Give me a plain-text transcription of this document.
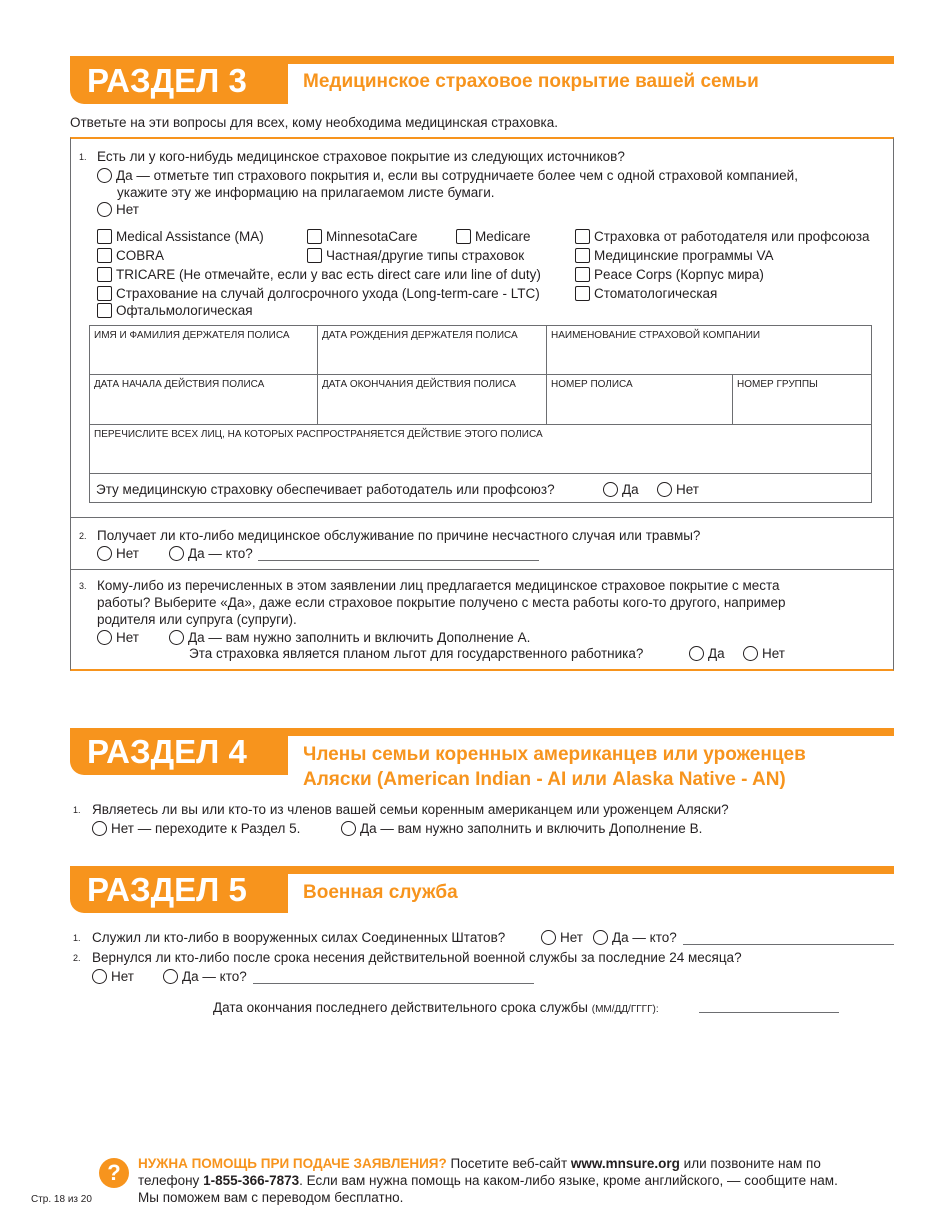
РАЗДЕЛ 3	Медицинское страховое покрытие вашей семьи
Ответьте на эти вопросы для всех, кому необходима медицинская страховка.
1. Есть ли у кого-нибудь медицинское страховое покрытие из следующих источников?
Да — отметьте тип страхового покрытия и, если вы сотрудничаете более чем с одной страховой компанией,
укажите эту же информацию на прилагаемом листе бумаги.
Нет
Medical Assistance (MA)	MinnesotaCare	Medicare	Страховка от работодателя или профсоюза
COBRA	Частная/другие типы страховок	Медицинские программы VA
TRICARE (Не отмечайте, если у вас есть direct care или line of duty)	Peace Corps (Корпус мира)
Страхование на случай долгосрочного ухода (Long-term-care - LTC)	Стоматологическая
Офтальмологическая
ИМЯ И ФАМИЛИЯ ДЕРЖАТЕЛЯ ПОЛИСА	ДАТА РОЖДЕНИЯ ДЕРЖАТЕЛЯ ПОЛИСА	НАИМЕНОВАНИЕ СТРАХОВОЙ КОМПАНИИ
ДАТА НАЧАЛА ДЕЙСТВИЯ ПОЛИСА	ДАТА ОКОНЧАНИЯ ДЕЙСТВИЯ ПОЛИСА	НОМЕР ПОЛИСА	НОМЕР ГРУППЫ
ПЕРЕЧИСЛИТЕ ВСЕХ ЛИЦ, НА КОТОРЫХ РАСПРОСТРАНЯЕТСЯ ДЕЙСТВИЕ ЭТОГО ПОЛИСА
Эту медицинскую страховку обеспечивает работодатель или профсоюз?	Да	Нет
2. Получает ли кто-либо медицинское обслуживание по причине несчастного случая или травмы?
Нет	Да — кто?
3. Кому-либо из перечисленных в этом заявлении лиц предлагается медицинское страховое покрытие с места
работы? Выберите «Да», даже если страховое покрытие получено с места работы кого-то другого, например
родителя или супруга (супруги).
Нет	Да — вам нужно заполнить и включить Дополнение А.
Эта страховка является планом льгот для государственного работника?	Да	Нет
РАЗДЕЛ 4	Члены семьи коренных американцев или уроженцев
Аляски (American Indian - AI или Alaska Native - AN)
1. Являетесь ли вы или кто-то из членов вашей семьи коренным американцем или уроженцем Аляски?
Нет — переходите к Раздел 5.	Да — вам нужно заполнить и включить Дополнение В.
РАЗДЕЛ 5	Военная служба
1. Служил ли кто-либо в вооруженных силах Соединенных Штатов?	Нет	Да — кто?
2. Вернулся ли кто-либо после срока несения действительной военной службы за последние 24 месяца?
Нет	Да — кто?
Дата окончания последнего действительного срока службы (ММ/ДД/ГГГГ):
?	НУЖНА ПОМОЩЬ ПРИ ПОДАЧЕ ЗАЯВЛЕНИЯ? Посетите веб-сайт www.mnsure.org или позвоните нам по
телефону 1-855-366-7873. Если вам нужна помощь на каком-либо языке, кроме английского, — сообщите нам.
Мы поможем вам с переводом бесплатно.
Стр. 18 из 20
